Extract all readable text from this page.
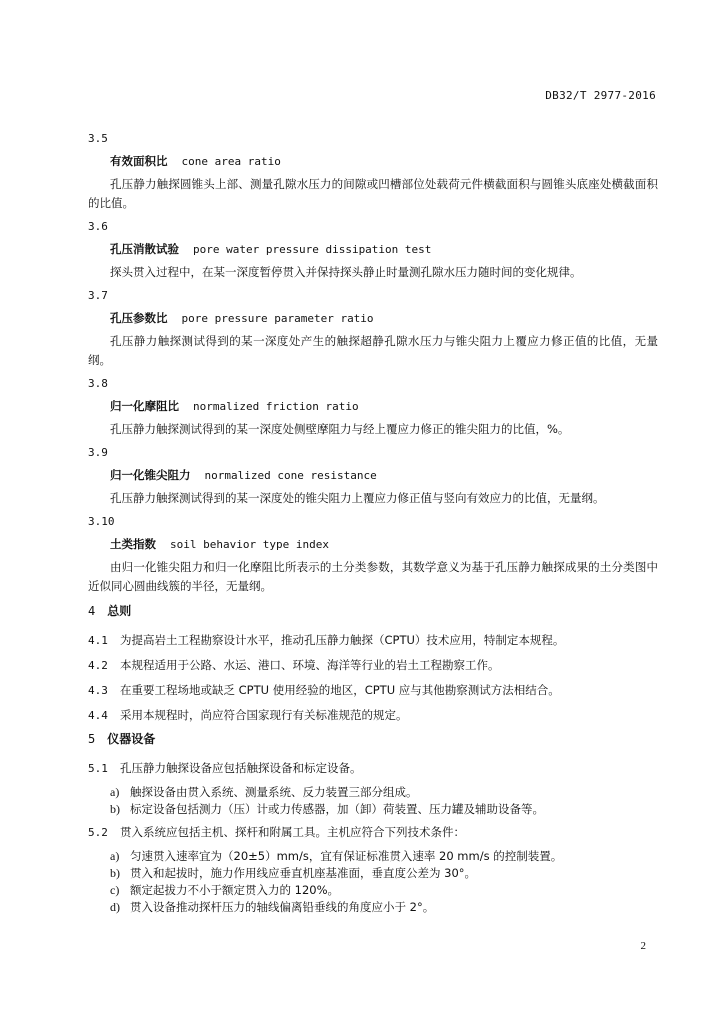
DB32/T 2977-2016
3.5
有效面积比 cone area ratio
孔压静力触探圆锥头上部、测量孔隙水压力的间隙或凹槽部位处载荷元件横截面积与圆锥头底座处横截面积的比值。
3.6
孔压消散试验 pore water pressure dissipation test
探头贯入过程中，在某一深度暂停贯入并保持探头静止时量测孔隙水压力随时间的变化规律。
3.7
孔压参数比 pore pressure parameter ratio
孔压静力触探测试得到的某一深度处产生的触探超静孔隙水压力与锥尖阻力上覆应力修正值的比值，无量纲。
3.8
归一化摩阻比 normalized friction ratio
孔压静力触探测试得到的某一深度处侧壁摩阻力与经上覆应力修正的锥尖阻力的比值，%。
3.9
归一化锥尖阻力 normalized cone resistance
孔压静力触探测试得到的某一深度处的锥尖阻力上覆应力修正值与竖向有效应力的比值，无量纲。
3.10
土类指数 soil behavior type index
由归一化锥尖阻力和归一化摩阻比所表示的土分类参数，其数学意义为基于孔压静力触探成果的土分类图中近似同心圆曲线簇的半径，无量纲。
4 总则
4.1 为提高岩土工程勘察设计水平，推动孔压静力触探（CPTU）技术应用，特制定本规程。
4.2 本规程适用于公路、水运、港口、环境、海洋等行业的岩土工程勘察工作。
4.3 在重要工程场地或缺乏 CPTU 使用经验的地区，CPTU 应与其他勘察测试方法相结合。
4.4 采用本规程时，尚应符合国家现行有关标准规范的规定。
5 仪器设备
5.1 孔压静力触探设备应包括触探设备和标定设备。
a) 触探设备由贯入系统、测量系统、反力装置三部分组成。
b) 标定设备包括测力（压）计或力传感器，加（卸）荷装置、压力罐及辅助设备等。
5.2 贯入系统应包括主机、探杆和附属工具。主机应符合下列技术条件：
a) 匀速贯入速率宜为（20±5）mm/s，宜有保证标准贯入速率 20 mm/s 的控制装置。
b) 贯入和起拔时，施力作用线应垂直机座基准面，垂直度公差为 30°。
c) 额定起拔力不小于额定贯入力的 120%。
d) 贯入设备推动探杆压力的轴线偏离铅垂线的角度应小于 2°。
2
